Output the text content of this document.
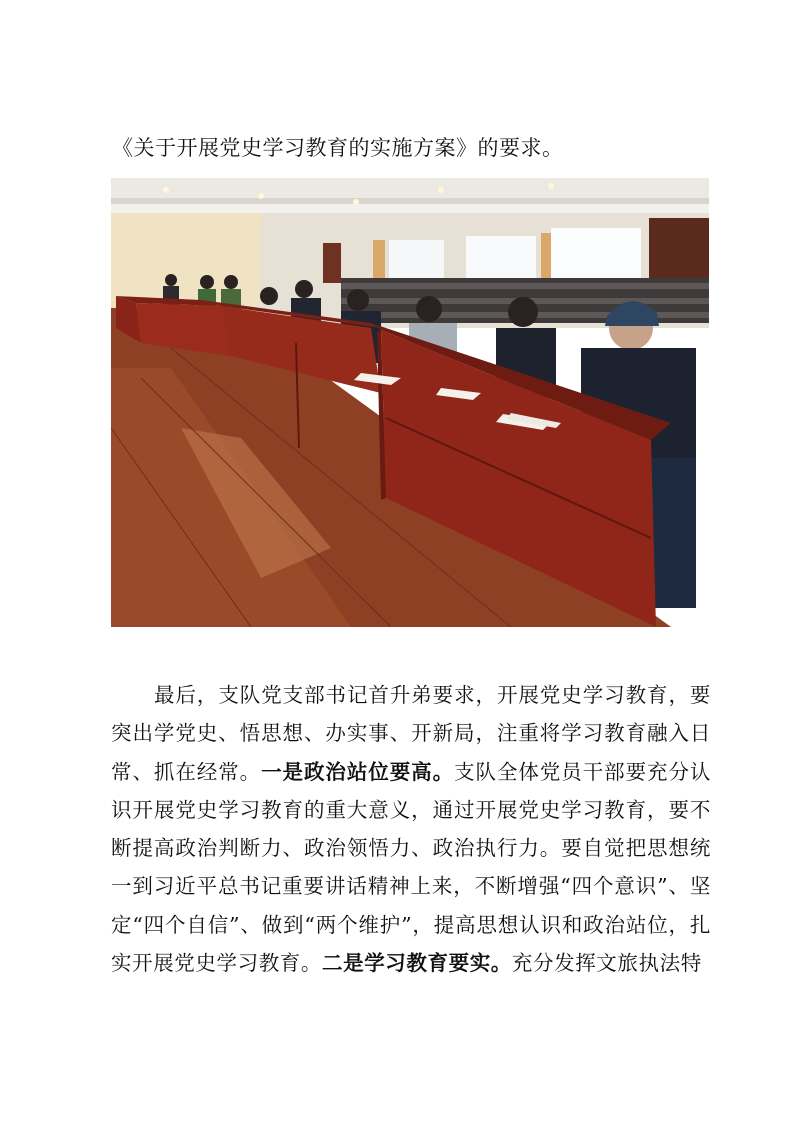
《关于开展党史学习教育的实施方案》的要求。

最后，支队党支部书记首升弟要求，开展党史学习教育，要突出学党史、悟思想、办实事、开新局，注重将学习教育融入日常、抓在经常。一是政治站位要高。支队全体党员干部要充分认识开展党史学习教育的重大意义，通过开展党史学习教育，要不断提高政治判断力、政治领悟力、政治执行力。要自觉把思想统一到习近平总书记重要讲话精神上来，不断增强“四个意识”、坚定“四个自信”、做到“两个维护”，提高思想认识和政治站位，扎实开展党史学习教育。二是学习教育要实。充分发挥文旅执法特
